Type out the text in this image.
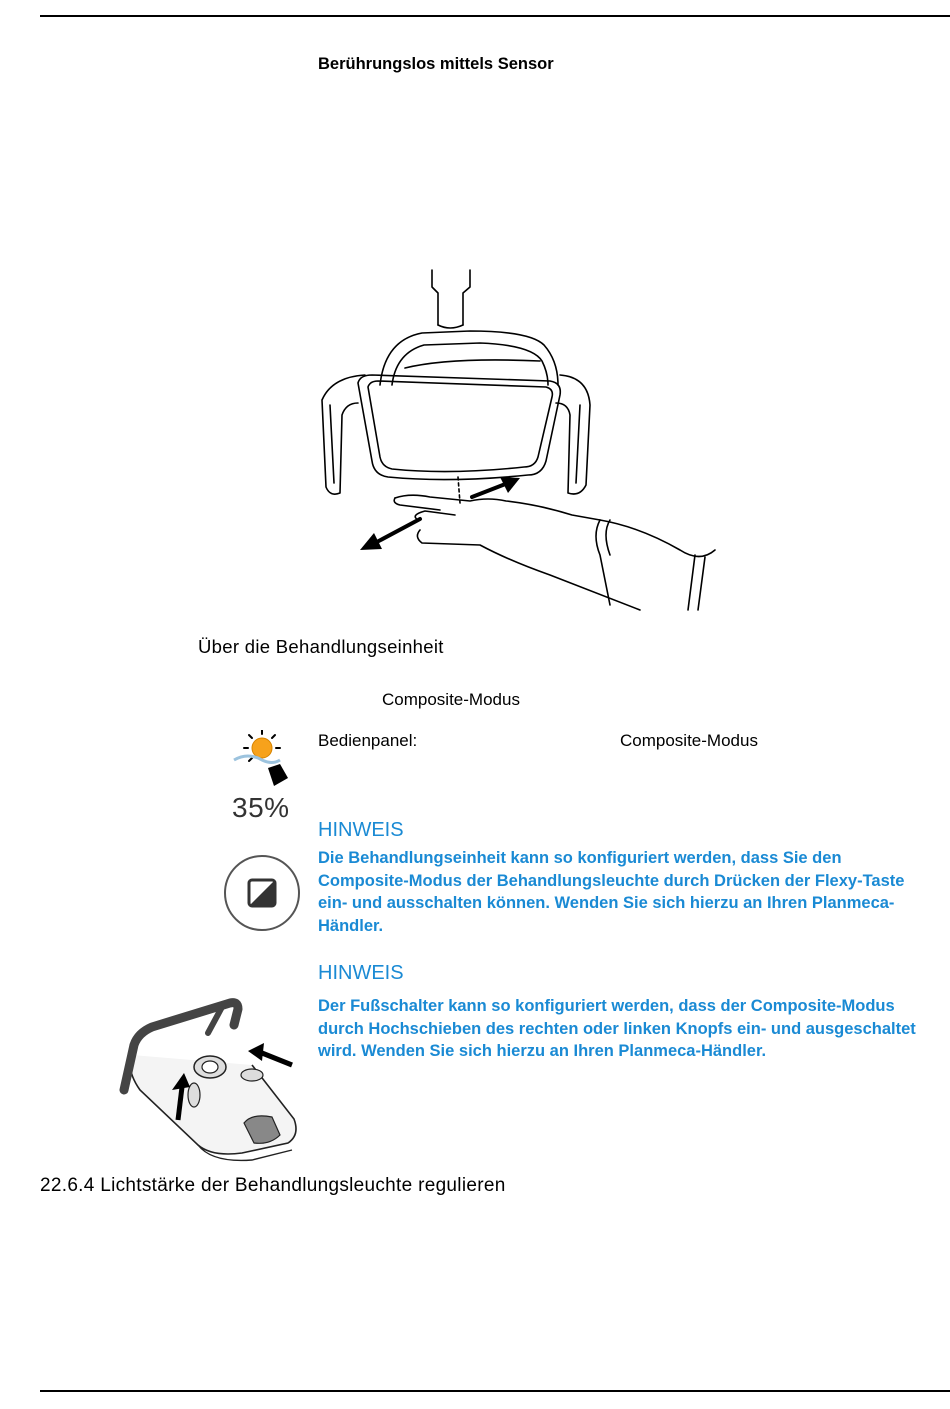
Berührungslos mittels Sensor
Über die Behandlungseinheit
Composite-Modus
35%
Bedienpanel:	Composite-Modus
HINWEIS
Die Behandlungseinheit kann so konfiguriert werden, dass Sie den
Composite-Modus der Behandlungsleuchte durch Drücken der Flexy-Taste
ein- und ausschalten können. Wenden Sie sich hierzu an Ihren Planmeca-
Händler.
HINWEIS
Der Fußschalter kann so konfiguriert werden, dass der Composite-Modus
durch Hochschieben des rechten oder linken Knopfs ein- und ausgeschaltet
wird. Wenden Sie sich hierzu an Ihren Planmeca-Händler.
22.6.4 Lichtstärke der Behandlungsleuchte regulieren
